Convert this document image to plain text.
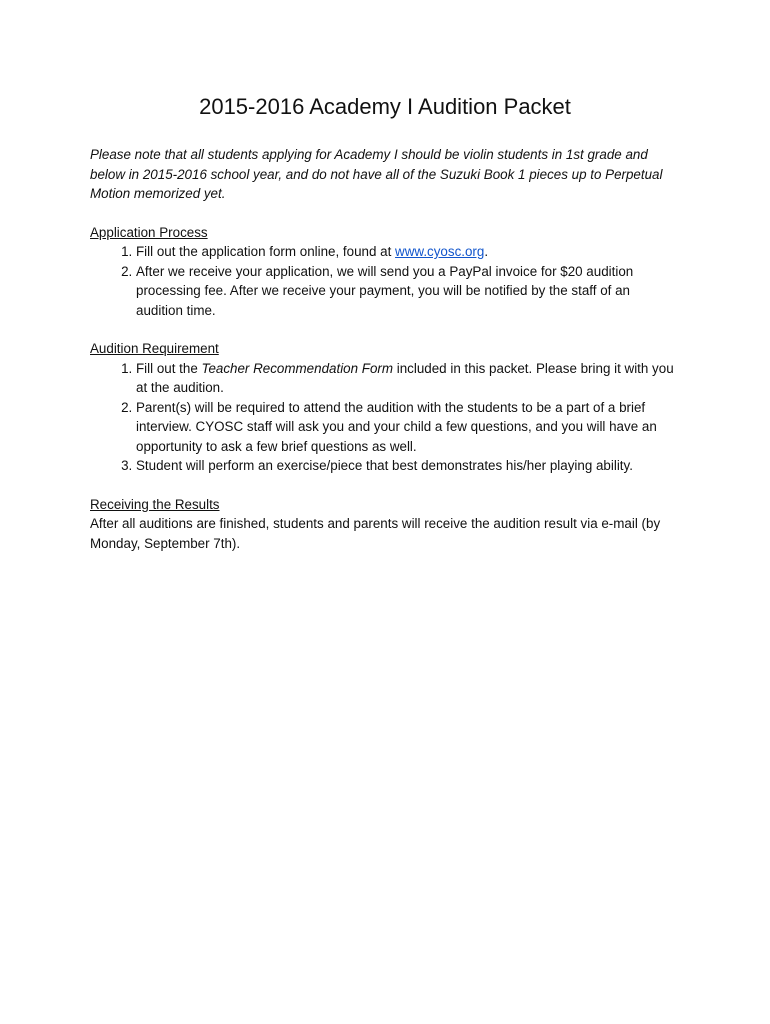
2015-2016 Academy I Audition Packet

Please note that all students applying for Academy I should be violin students in 1st grade and below in 2015-2016 school year, and do not have all of the Suzuki Book 1 pieces up to Perpetual Motion memorized yet.

Application Process

1. Fill out the application form online, found at www.cyosc.org.
2. After we receive your application, we will send you a PayPal invoice for $20 audition processing fee. After we receive your payment, you will be notified by the staff of an audition time.

Audition Requirement

1. Fill out the Teacher Recommendation Form included in this packet. Please bring it with you at the audition.
2. Parent(s) will be required to attend the audition with the students to be a part of a brief interview. CYOSC staff will ask you and your child a few questions, and you will have an opportunity to ask a few brief questions as well.
3. Student will perform an exercise/piece that best demonstrates his/her playing ability.

Receiving the Results

After all auditions are finished, students and parents will receive the audition result via e-mail (by Monday, September 7th).
